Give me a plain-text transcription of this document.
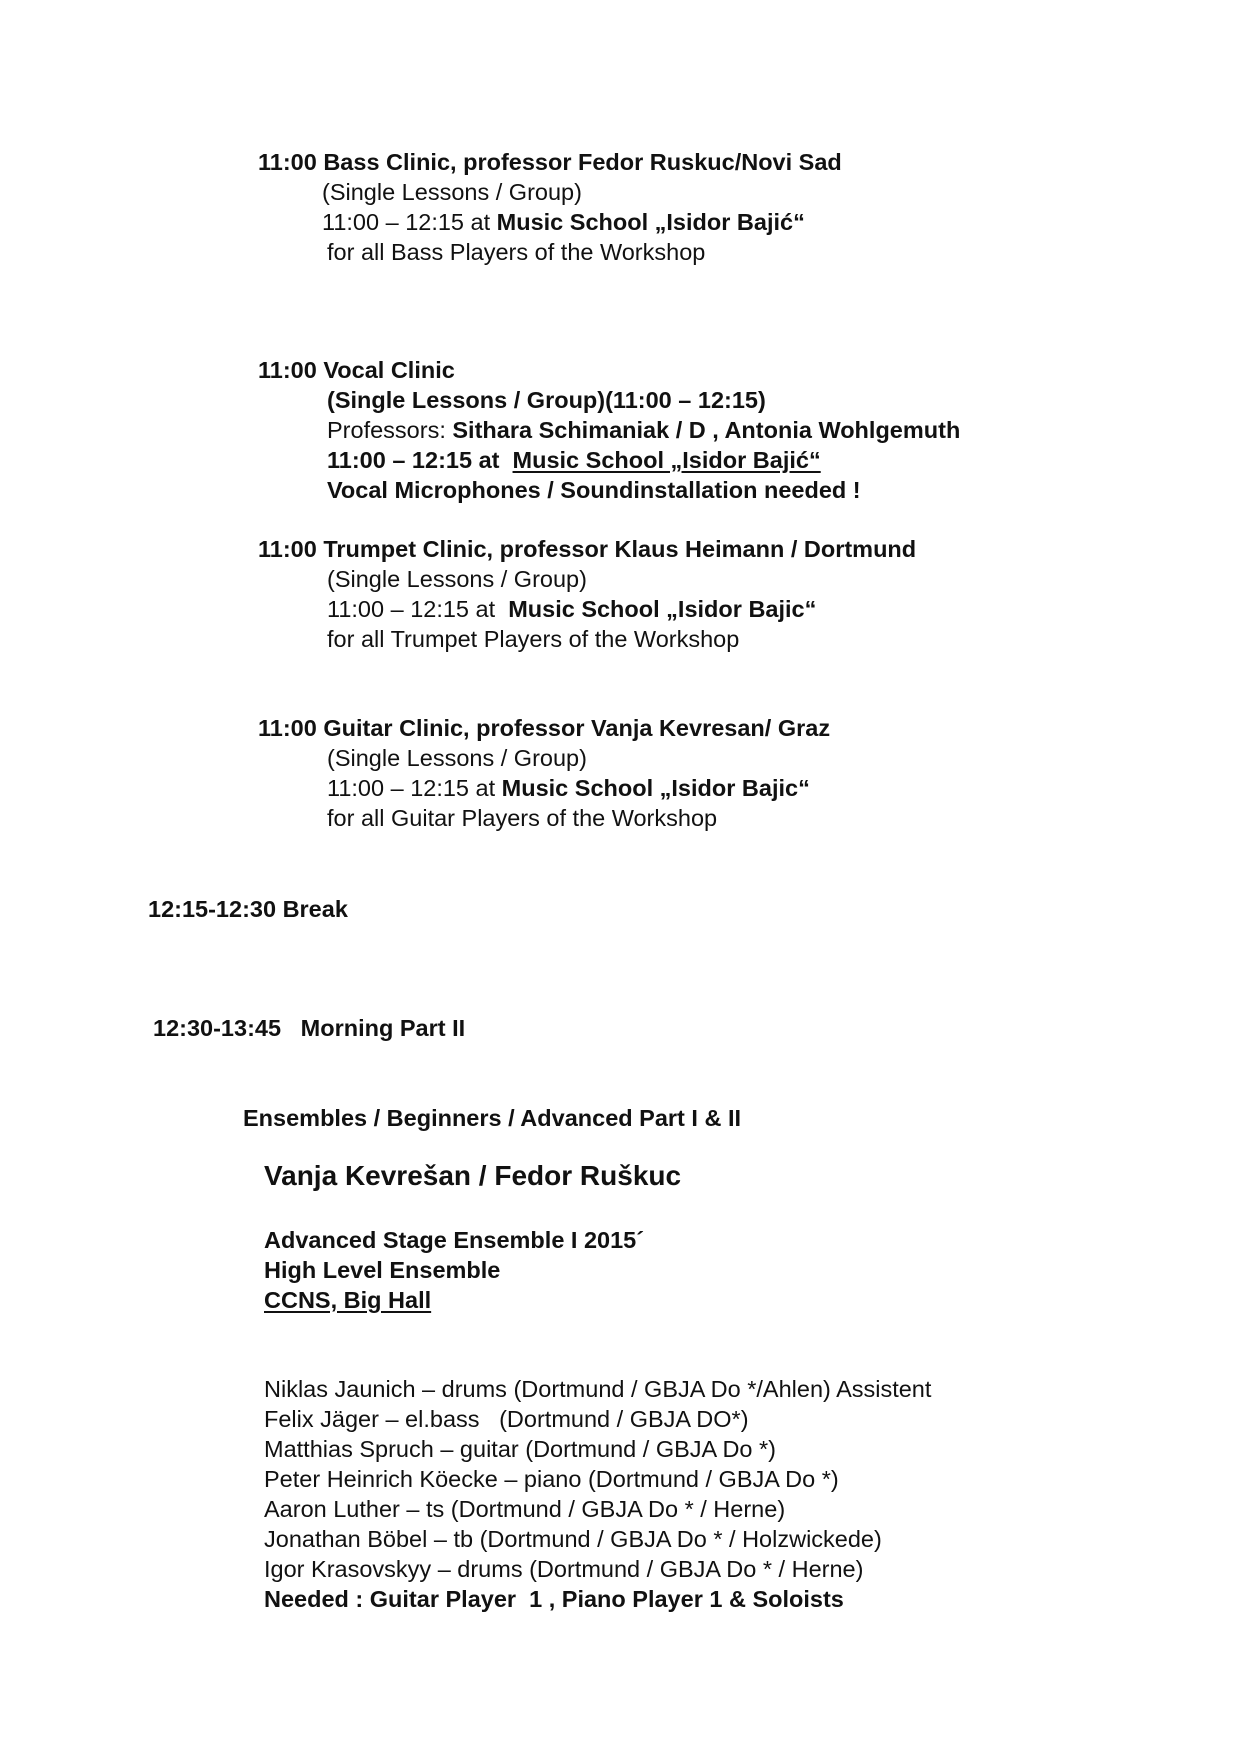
11:00 Bass Clinic, professor Fedor Ruskuc/Novi Sad
(Single Lessons / Group)
11:00 – 12:15 at Music School „Isidor Bajić“
for all Bass Players of the Workshop
11:00 Vocal Clinic
(Single Lessons / Group)(11:00 – 12:15)
Professors: Sithara Schimaniak / D , Antonia Wohlgemuth
11:00 – 12:15 at  Music School „Isidor Bajić“
Vocal Microphones / Soundinstallation needed !
11:00 Trumpet Clinic, professor Klaus Heimann / Dortmund
(Single Lessons / Group)
11:00 – 12:15 at  Music School „Isidor Bajic“
for all Trumpet Players of the Workshop
11:00 Guitar Clinic, professor Vanja Kevresan/ Graz
(Single Lessons / Group)
11:00 – 12:15 at Music School „Isidor Bajic“
for all Guitar Players of the Workshop
12:15-12:30 Break
12:30-13:45 Morning Part II
Ensembles / Beginners / Advanced Part I & II
Vanja Kevrešan / Fedor Ruškuc
Advanced Stage Ensemble I 2015´
High Level Ensemble
CCNS, Big Hall
Niklas Jaunich – drums (Dortmund / GBJA Do */Ahlen) Assistent
Felix Jäger – el.bass   (Dortmund / GBJA DO*)
Matthias Spruch – guitar (Dortmund / GBJA Do *)
Peter Heinrich Köecke – piano (Dortmund / GBJA Do *)
Aaron Luther – ts (Dortmund / GBJA Do * / Herne)
Jonathan Böbel – tb (Dortmund / GBJA Do * / Holzwickede)
Igor Krasovskyy – drums (Dortmund / GBJA Do * / Herne)
Needed : Guitar Player  1 , Piano Player 1 & Soloists
